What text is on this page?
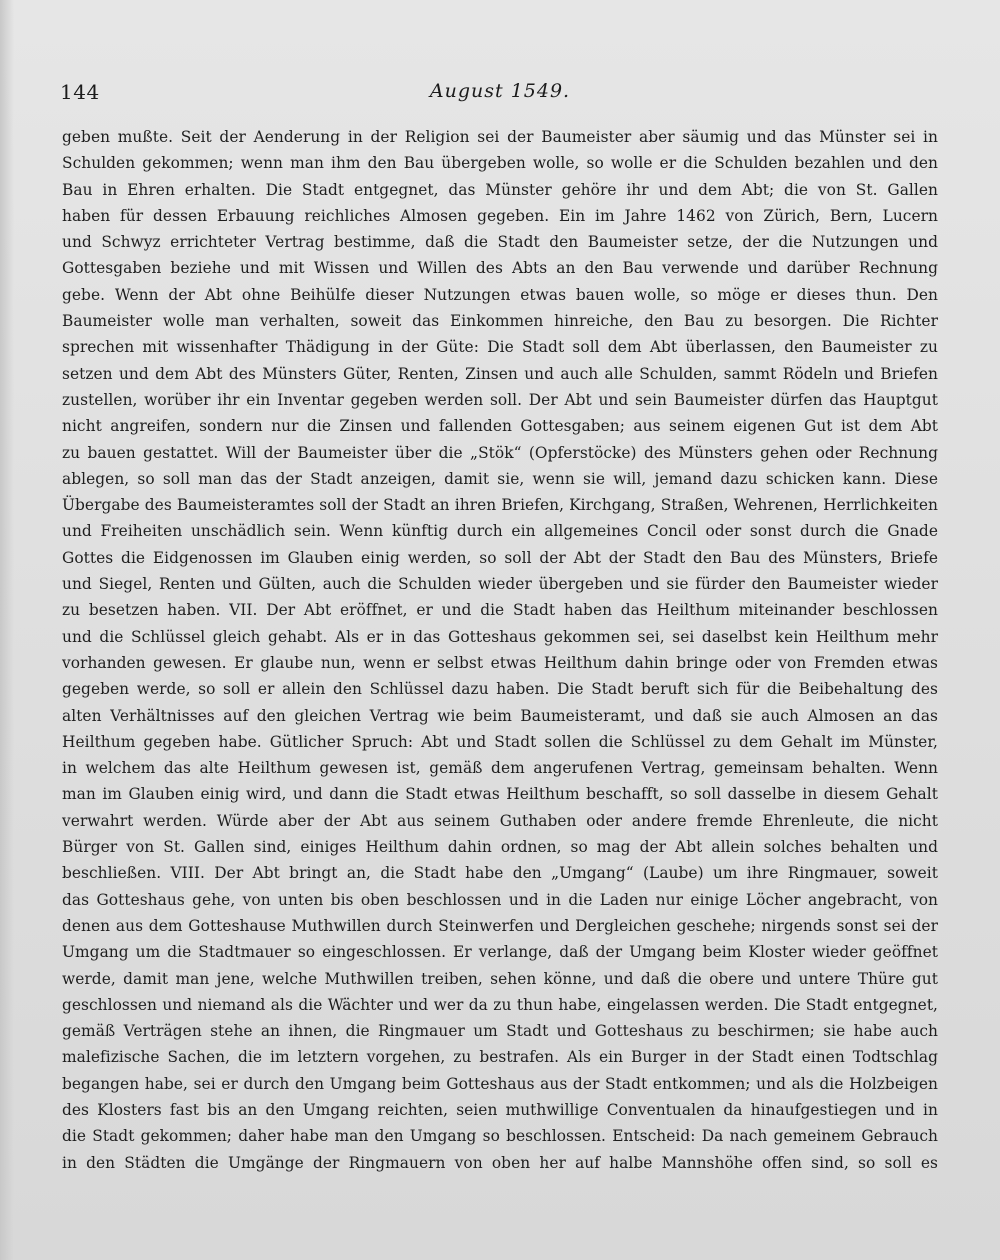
144	August 1549.
geben mußte. Seit der Aenderung in der Religion sei der Baumeister aber säumig und das Münster sei in
Schulden gekommen; wenn man ihm den Bau übergeben wolle, so wolle er die Schulden bezahlen und den
Bau in Ehren erhalten. Die Stadt entgegnet, das Münster gehöre ihr und dem Abt; die von St. Gallen
haben für dessen Erbauung reichliches Almosen gegeben. Ein im Jahre 1462 von Zürich, Bern, Lucern
und Schwyz errichteter Vertrag bestimme, daß die Stadt den Baumeister setze, der die Nutzungen und
Gottesgaben beziehe und mit Wissen und Willen des Abts an den Bau verwende und darüber Rechnung
gebe. Wenn der Abt ohne Beihülfe dieser Nutzungen etwas bauen wolle, so möge er dieses thun. Den
Baumeister wolle man verhalten, soweit das Einkommen hinreiche, den Bau zu besorgen. Die Richter
sprechen mit wissenhafter Thädigung in der Güte: Die Stadt soll dem Abt überlassen, den Baumeister zu
setzen und dem Abt des Münsters Güter, Renten, Zinsen und auch alle Schulden, sammt Rödeln und Briefen
zustellen, worüber ihr ein Inventar gegeben werden soll. Der Abt und sein Baumeister dürfen das Hauptgut
nicht angreifen, sondern nur die Zinsen und fallenden Gottesgaben; aus seinem eigenen Gut ist dem Abt
zu bauen gestattet. Will der Baumeister über die „Stök“ (Opferstöcke) des Münsters gehen oder Rechnung
ablegen, so soll man das der Stadt anzeigen, damit sie, wenn sie will, jemand dazu schicken kann. Diese
Übergabe des Baumeisteramtes soll der Stadt an ihren Briefen, Kirchgang, Straßen, Wehrenen, Herrlichkeiten
und Freiheiten unschädlich sein. Wenn künftig durch ein allgemeines Concil oder sonst durch die Gnade
Gottes die Eidgenossen im Glauben einig werden, so soll der Abt der Stadt den Bau des Münsters, Briefe
und Siegel, Renten und Gülten, auch die Schulden wieder übergeben und sie fürder den Baumeister wieder
zu besetzen haben. VII. Der Abt eröffnet, er und die Stadt haben das Heilthum miteinander beschlossen
und die Schlüssel gleich gehabt. Als er in das Gotteshaus gekommen sei, sei daselbst kein Heilthum mehr
vorhanden gewesen. Er glaube nun, wenn er selbst etwas Heilthum dahin bringe oder von Fremden etwas
gegeben werde, so soll er allein den Schlüssel dazu haben. Die Stadt beruft sich für die Beibehaltung des
alten Verhältnisses auf den gleichen Vertrag wie beim Baumeisteramt, und daß sie auch Almosen an das
Heilthum gegeben habe. Gütlicher Spruch: Abt und Stadt sollen die Schlüssel zu dem Gehalt im Münster,
in welchem das alte Heilthum gewesen ist, gemäß dem angerufenen Vertrag, gemeinsam behalten. Wenn
man im Glauben einig wird, und dann die Stadt etwas Heilthum beschafft, so soll dasselbe in diesem Gehalt
verwahrt werden. Würde aber der Abt aus seinem Guthaben oder andere fremde Ehrenleute, die nicht
Bürger von St. Gallen sind, einiges Heilthum dahin ordnen, so mag der Abt allein solches behalten und
beschließen. VIII. Der Abt bringt an, die Stadt habe den „Umgang“ (Laube) um ihre Ringmauer, soweit
das Gotteshaus gehe, von unten bis oben beschlossen und in die Laden nur einige Löcher angebracht, von
denen aus dem Gotteshause Muthwillen durch Steinwerfen und Dergleichen geschehe; nirgends sonst sei der
Umgang um die Stadtmauer so eingeschlossen. Er verlange, daß der Umgang beim Kloster wieder geöffnet
werde, damit man jene, welche Muthwillen treiben, sehen könne, und daß die obere und untere Thüre gut
geschlossen und niemand als die Wächter und wer da zu thun habe, eingelassen werden. Die Stadt entgegnet,
gemäß Verträgen stehe an ihnen, die Ringmauer um Stadt und Gotteshaus zu beschirmen; sie habe auch
malefizische Sachen, die im letztern vorgehen, zu bestrafen. Als ein Burger in der Stadt einen Todtschlag
begangen habe, sei er durch den Umgang beim Gotteshaus aus der Stadt entkommen; und als die Holzbeigen
des Klosters fast bis an den Umgang reichten, seien muthwillige Conventualen da hinaufgestiegen und in
die Stadt gekommen; daher habe man den Umgang so beschlossen. Entscheid: Da nach gemeinem Gebrauch
in den Städten die Umgänge der Ringmauern von oben her auf halbe Mannshöhe offen sind, so soll es
